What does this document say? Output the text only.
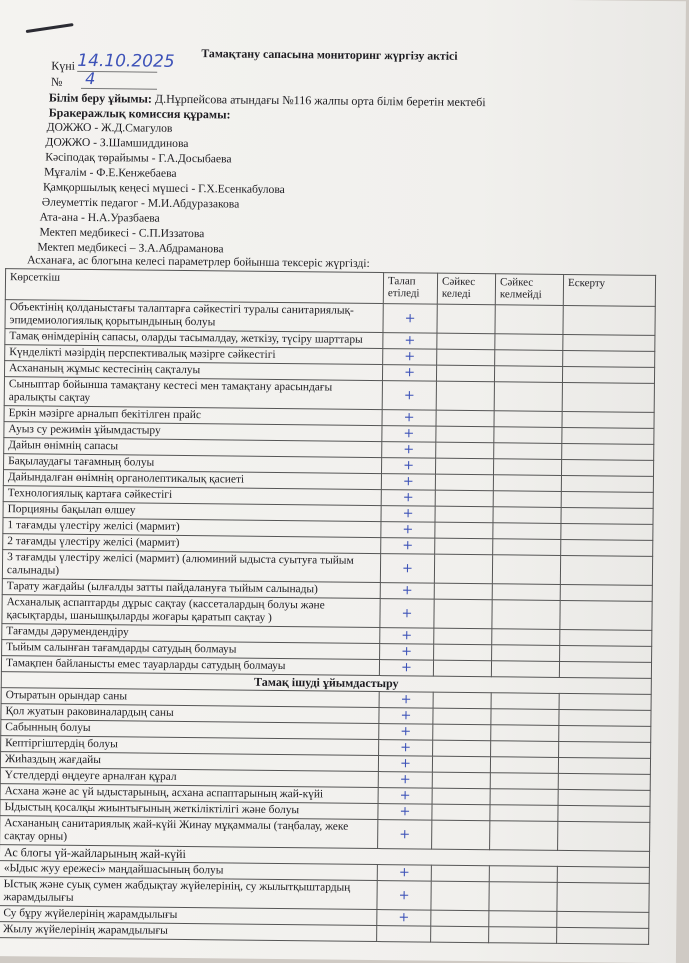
Тамақтану сапасына мониторинг жүргізу актісі
Күні 14.10.2025
№ 4
Білім беру ұйымы: Д.Нұрпейсова атындағы №116 жалпы орта білім беретін мектебі
Бракеражлық комиссия құрамы:
ДОЖЖО - Ж.Д.Смагулов
ДОЖЖО - З.Шамшиддинова
Кәсіподақ төрайымы - Г.А.Досыбаева
Мұғалім - Ф.Е.Кенжебаева
Қамқоршылық кеңесі мүшесі - Г.Х.Есенкабулова
Әлеуметтік педагог - М.И.Абдуразакова
Ата-ана - Н.А.Уразбаева
Мектеп медбикесі - С.П.Иззатова
Мектеп медбикесі – З.А.Абдраманова
Асханаға, ас блогына келесі параметрлер бойынша тексеріс жүргізді:
Көрсеткіш	Талап етіледі	Сәйкес келеді	Сәйкес келмейді	Ескерту
Объектінің қолданыстағы талаптарға сәйкестігі туралы санитариялық-эпидемиологиялық қорытындының болуы	+			
Тамақ өнімдерінің сапасы, оларды тасымалдау, жеткізу, түсіру шарттары	+			
Күнделікті мәзірдің перспективалық мәзірге сәйкестігі	+			
Асхананың жұмыс кестесінің сақталуы	+			
Сыныптар бойынша тамақтану кестесі мен тамақтану арасындағы аралықты сақтау	+			
Еркін мәзірге арналып бекітілген прайс	+			
Ауыз су режимін ұйымдастыру	+			
Дайын өнімнің сапасы	+			
Бақылаудағы тағамның болуы	+			
Дайындалған өнімнің органолептикалық қасиеті	+			
Технологиялық картаға сәйкестігі	+			
Порцияны бақылап өлшеу	+			
1 тағамды үлестіру желісі (мармит)	+			
2 тағамды үлестіру желісі (мармит)	+			
3 тағамды үлестіру желісі (мармит) (алюминий ыдыста суытуға тыйым салынады)	+			
Тарату жағдайы (ылғалды затты пайдалануға тыйым салынады)	+			
Асханалық аспаптарды дұрыс сақтау (кассеталардың болуы және қасықтарды, шанышқыларды жоғары қаратып сақтау )	+			
Тағамды дәрумендендіру	+			
Тыйым салынған тағамдарды сатудың болмауы	+			
Тамақпен байланысты емес тауарларды сатудың болмауы	+			
Тамақ ішуді ұйымдастыру				
Отыратын орындар саны	+			
Қол жуатын раковиналардың саны	+			
Сабынның болуы	+			
Кептіргіштердің болуы	+			
Жиһаздың жағдайы	+			
Үстелдерді өңдеуге арналған құрал	+			
Асхана және ас үй ыдыстарының, асхана аспаптарының жай-күйі	+			
Ыдыстың қосалқы жиынтығының жеткіліктілігі және болуы	+			
Асхананың санитариялық жай-күйі Жинау мұқаммалы (таңбалау, жеке сақтау орны)	+			
Ас блогы үй-жайларының жай-күйі				
«Ыдыс жуу ережесі» маңдайшасының болуы	+			
Ыстық және суық сумен жабдықтау жүйелерінің, су жылытқыштардың жарамдылығы	+			
Су бұру жүйелерінің жарамдылығы	+			
Жылу жүйелерінің жарамдылығы				
